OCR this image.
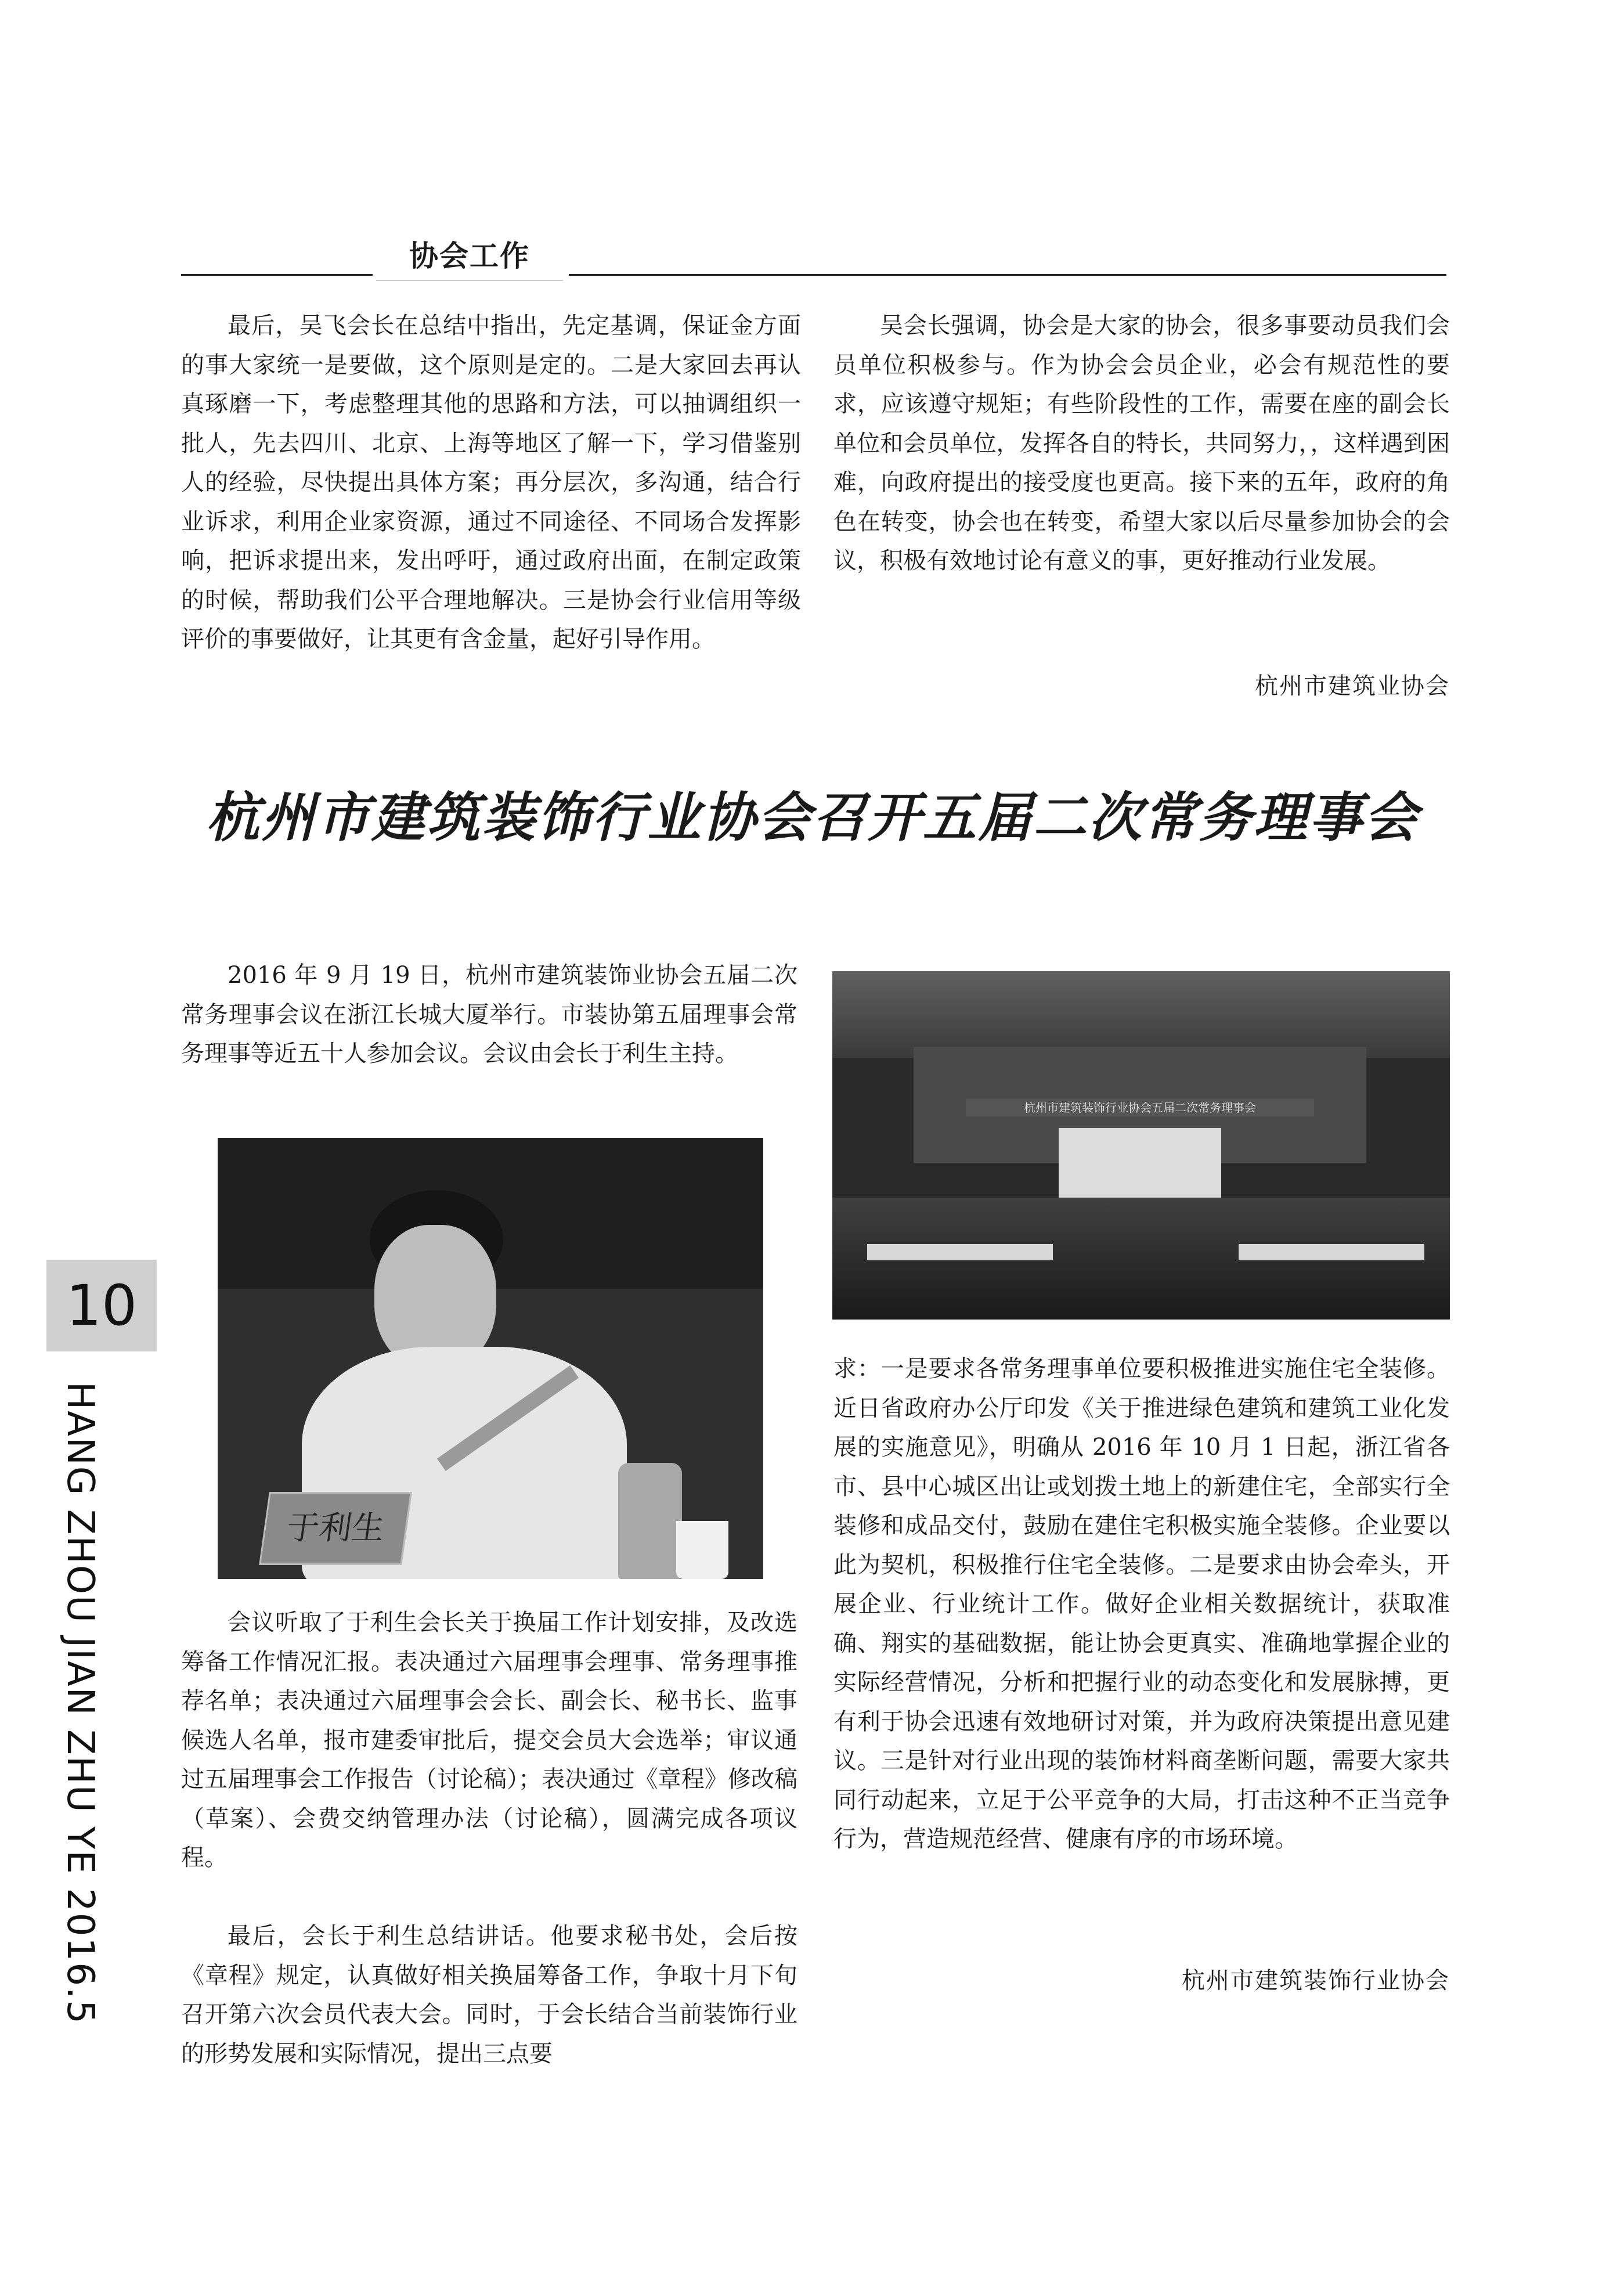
协会工作

最后，吴飞会长在总结中指出，先定基调，保证金方面的事大家统一是要做，这个原则是定的。二是大家回去再认真琢磨一下，考虑整理其他的思路和方法，可以抽调组织一批人，先去四川、北京、上海等地区了解一下，学习借鉴别人的经验，尽快提出具体方案；再分层次，多沟通，结合行业诉求，利用企业家资源，通过不同途径、不同场合发挥影响，把诉求提出来，发出呼吁，通过政府出面，在制定政策的时候，帮助我们公平合理地解决。三是协会行业信用等级评价的事要做好，让其更有含金量，起好引导作用。

吴会长强调，协会是大家的协会，很多事要动员我们会员单位积极参与。作为协会会员企业，必会有规范性的要求，应该遵守规矩；有些阶段性的工作，需要在座的副会长单位和会员单位，发挥各自的特长，共同努力，，这样遇到困难，向政府提出的接受度也更高。接下来的五年，政府的角色在转变，协会也在转变，希望大家以后尽量参加协会的会议，积极有效地讨论有意义的事，更好推动行业发展。

杭州市建筑业协会
杭州市建筑装饰行业协会召开五届二次常务理事会

2016 年 9 月 19 日，杭州市建筑装饰业协会五届二次常务理事会议在浙江长城大厦举行。市装协第五届理事会常务理事等近五十人参加会议。会议由会长于利生主持。

于利生

会议听取了于利生会长关于换届工作计划安排，及改选筹备工作情况汇报。表决通过六届理事会理事、常务理事推荐名单；表决通过六届理事会会长、副会长、秘书长、监事候选人名单，报市建委审批后，提交会员大会选举；审议通过五届理事会工作报告（讨论稿）；表决通过《章程》修改稿（草案）、会费交纳管理办法（讨论稿），圆满完成各项议程。

最后，会长于利生总结讲话。他要求秘书处，会后按《章程》规定，认真做好相关换届筹备工作，争取十月下旬召开第六次会员代表大会。同时，于会长结合当前装饰行业的形势发展和实际情况，提出三点要

杭州市建筑装饰行业协会五届二次常务理事会

求：一是要求各常务理事单位要积极推进实施住宅全装修。近日省政府办公厅印发《关于推进绿色建筑和建筑工业化发展的实施意见》，明确从 2016 年 10 月 1 日起，浙江省各市、县中心城区出让或划拨土地上的新建住宅，全部实行全装修和成品交付，鼓励在建住宅积极实施全装修。企业要以此为契机，积极推行住宅全装修。二是要求由协会牵头，开展企业、行业统计工作。做好企业相关数据统计，获取准确、翔实的基础数据，能让协会更真实、准确地掌握企业的实际经营情况，分析和把握行业的动态变化和发展脉搏，更有利于协会迅速有效地研讨对策，并为政府决策提出意见建议。三是针对行业出现的装饰材料商垄断问题，需要大家共同行动起来，立足于公平竞争的大局，打击这种不正当竞争行为，营造规范经营、健康有序的市场环境。

杭州市建筑装饰行业协会
10
HANG ZHOU JIAN ZHU YE 2016.5
